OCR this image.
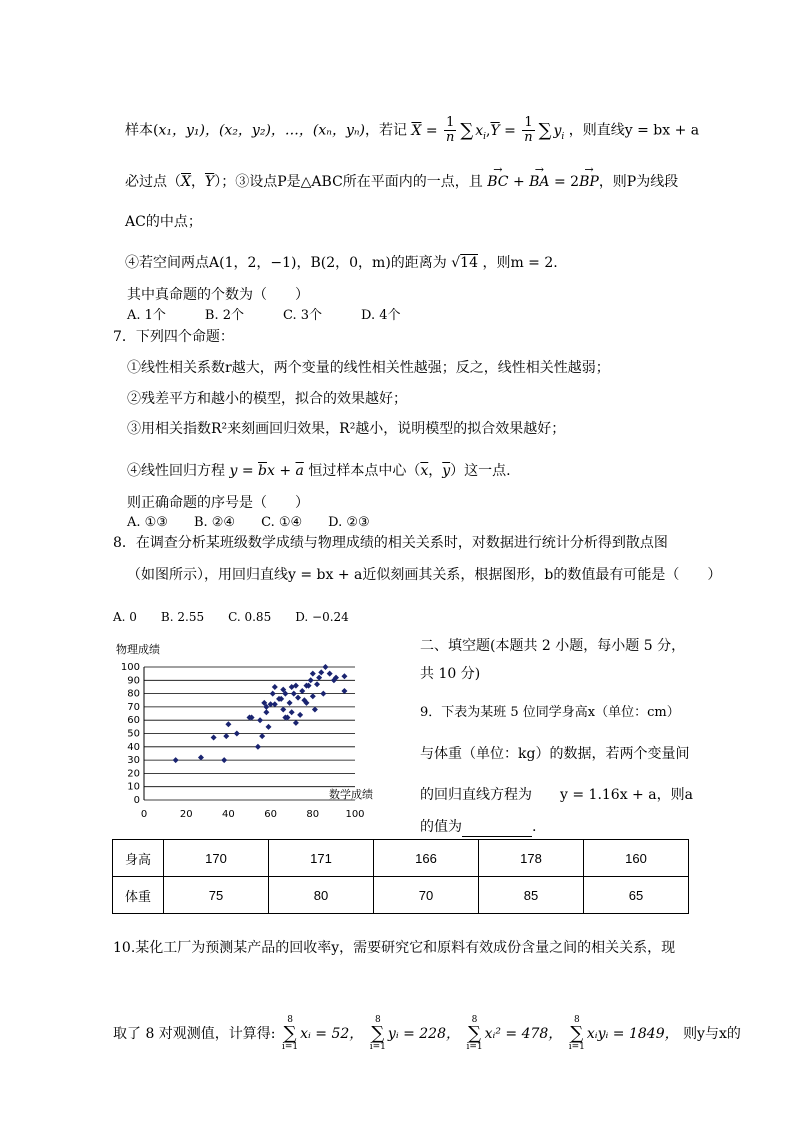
样本(x₁，y₁)，(x₂，y₂)，…，(xₙ，yₙ)，若记 $\overline{X} = \frac{1}{n}$ ∑ $x_i,\overline{Y} = \frac{1}{n}$ ∑ $y_i$ ，则直线y = bx + a
必过点（$\overline{X}$，$\overline{Y}$）；③设点P是△ABC所在平面内的一点，且 → BC + → BA = 2→ BP，则P为线段
AC的中点；
④若空间两点A(1，2，−1)，B(2，0，m)的距离为 √14 ，则m = 2.
其中真命题的个数为（　　）
A. 1个　　　B. 2个　　　C. 3个　　　D. 4个
7．下列四个命题：
①线性相关系数r越大，两个变量的线性相关性越强；反之，线性相关性越弱；
②残差平方和越小的模型，拟合的效果越好；
③用相关指数R²来刻画回归效果，R²越小，说明模型的拟合效果越好；
④线性回归方程 $y = \overline{b}x + \overline{a}$ 恒过样本点中心（$\overline{x}$，$\overline{y}$）这一点.
则正确命题的序号是（　　）
A. ①③　　B. ②④　　C. ①④　　D. ②③
8．在调查分析某班级数学成绩与物理成绩的相关关系时，对数据进行统计分析得到散点图
（如图所示），用回归直线y = bx + a近似刻画其关系，根据图形，b的数值最有可能是（　　）
A. 0　　B. 2.55　　C. 0.85　　D. −0.24
物理成绩
0
10
20
30
40
50
60
70
80
90
100
0	20	40	60	80	100
数学成绩
二、填空题(本题共 2 小题，每小题 5 分，
共 10 分)
9．下表为某班 5 位同学身高x（单位：cm）
与体重（单位：kg）的数据，若两个变量间
的回归直线方程为　　y = 1.16x + a，则a
的值为	.
身高	170	171	166	178	160
体重	75	80	70	85	65
10.某化工厂为预测某产品的回收率y，需要研究它和原料有效成份含量之间的相关关系，现
取了 8 对观测值，计算得: 8
∑
i=1xᵢ = 52， 8
∑
i=1yᵢ = 228， 8
∑
i=1xᵢ² = 478， 8
∑
i=1xᵢyᵢ = 1849， 则y与x的
